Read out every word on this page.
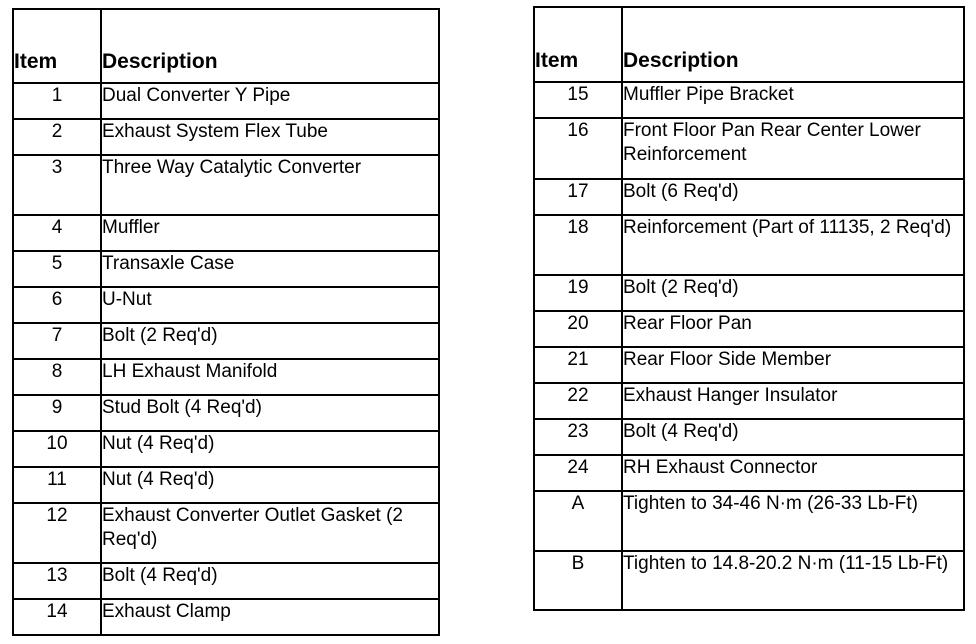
Item	Description
1	Dual Converter Y Pipe
2	Exhaust System Flex Tube
3	Three Way Catalytic Converter
4	Muffler
5	Transaxle Case
6	U-Nut
7	Bolt (2 Req'd)
8	LH Exhaust Manifold
9	Stud Bolt (4 Req'd)
10	Nut (4 Req'd)
11	Nut (4 Req'd)
12	Exhaust Converter Outlet Gasket (2 Req'd)
13	Bolt (4 Req'd)
14	Exhaust Clamp
Item	Description
15	Muffler Pipe Bracket
16	Front Floor Pan Rear Center Lower Reinforcement
17	Bolt (6 Req'd)
18	Reinforcement (Part of 11135, 2 Req'd)
19	Bolt (2 Req'd)
20	Rear Floor Pan
21	Rear Floor Side Member
22	Exhaust Hanger Insulator
23	Bolt (4 Req'd)
24	RH Exhaust Connector
A	Tighten to 34-46 N·m (26-33 Lb-Ft)
B	Tighten to 14.8-20.2 N·m (11-15 Lb-Ft)
